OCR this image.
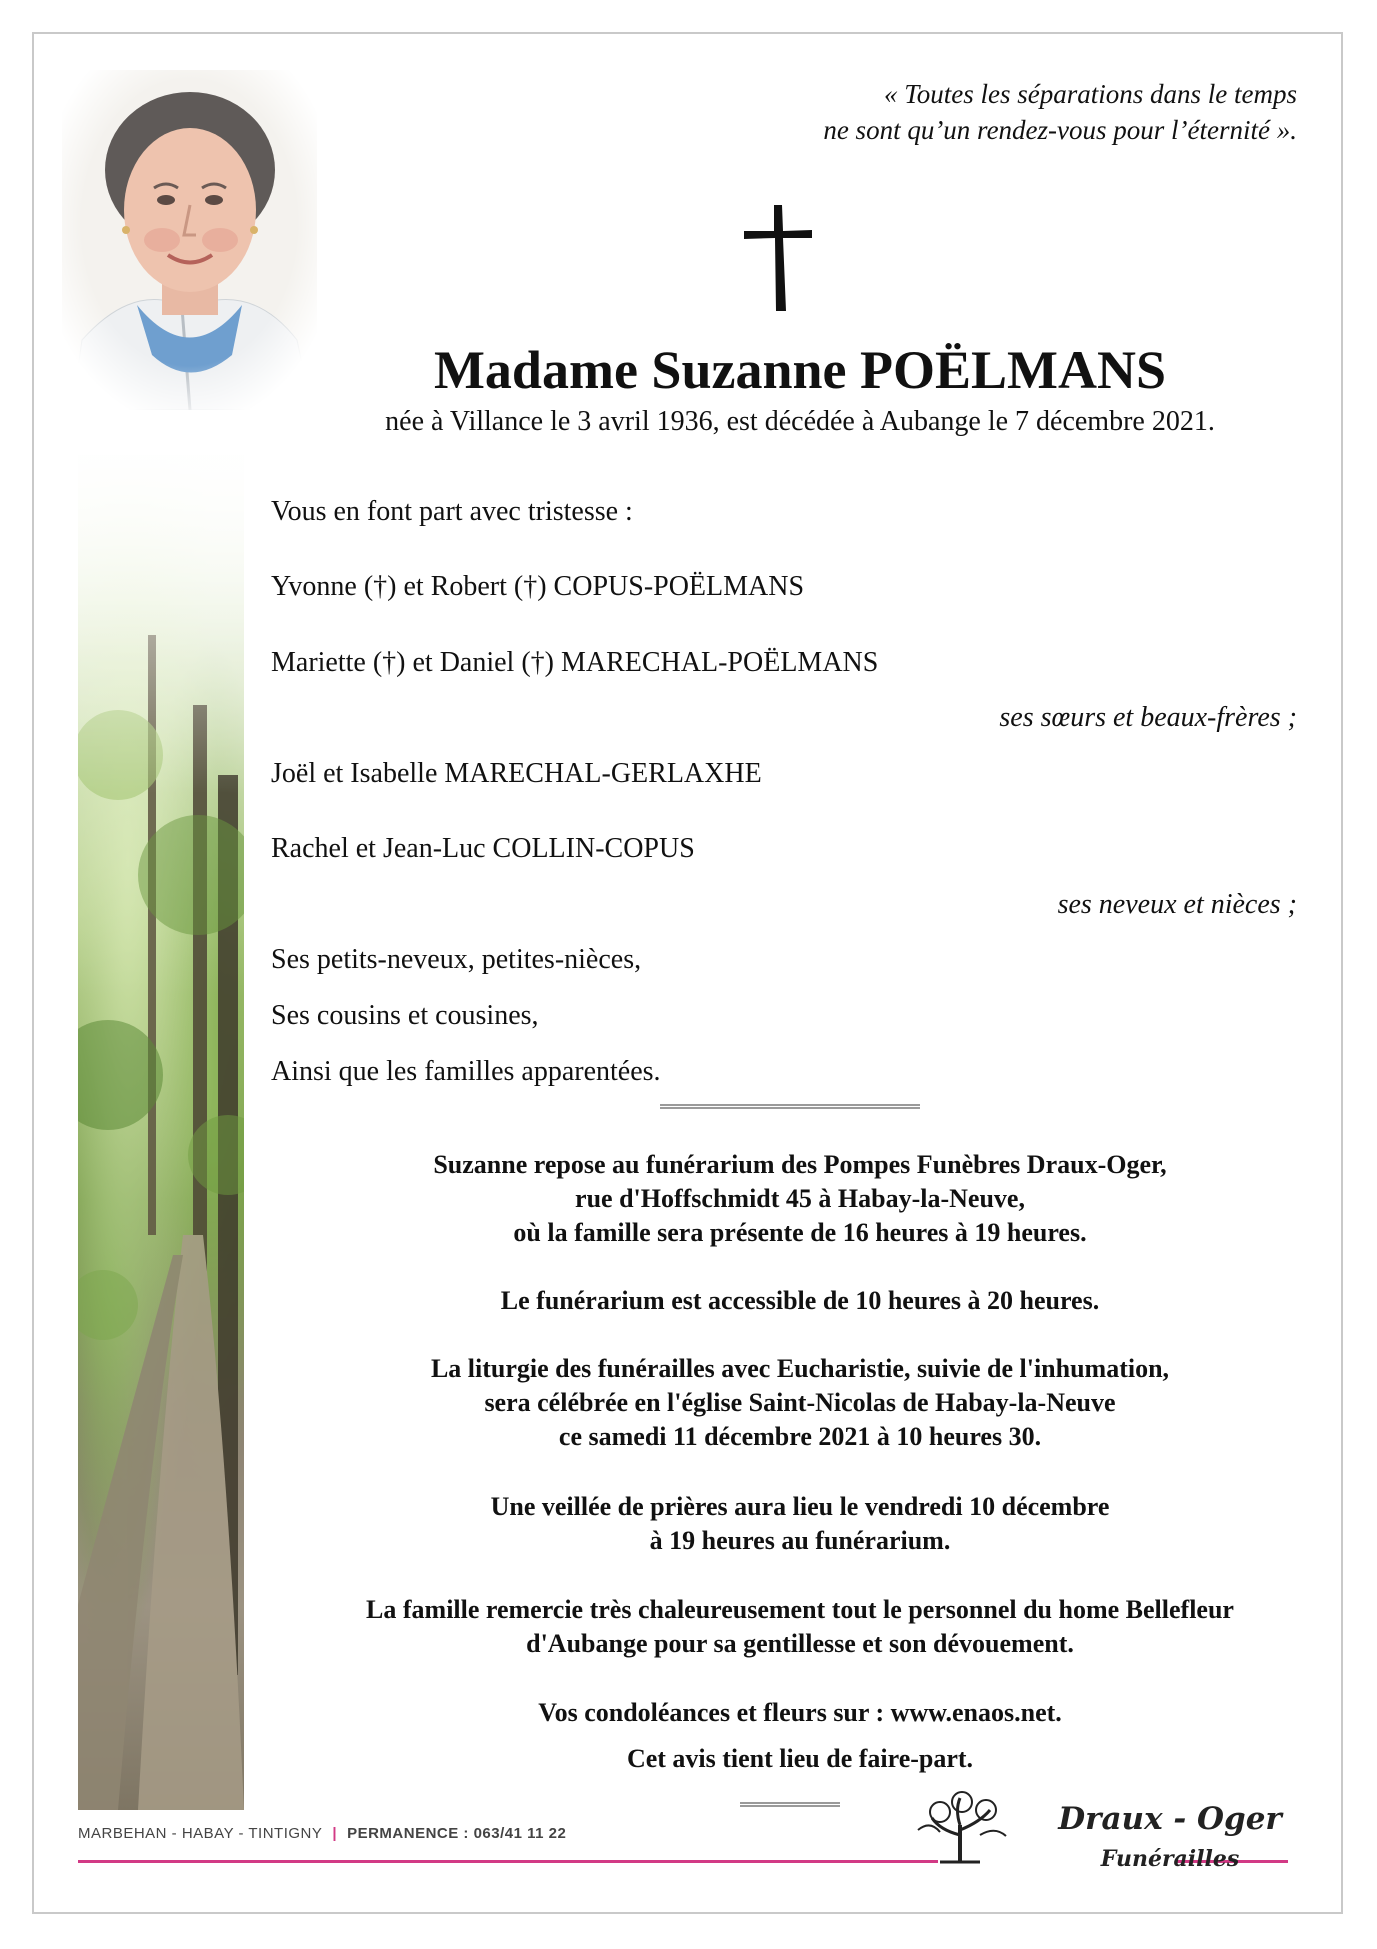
« Toutes les séparations dans le temps
ne sont qu’un rendez-vous pour l’éternité ».
Madame Suzanne POËLMANS
née à Villance le 3 avril 1936, est décédée à Aubange le 7 décembre 2021.
Vous en font part avec tristesse :
Yvonne (†) et Robert (†) COPUS-POËLMANS
Mariette (†) et Daniel (†) MARECHAL-POËLMANS
ses sœurs et beaux-frères ;
Joël et Isabelle MARECHAL-GERLAXHE
Rachel et Jean-Luc COLLIN-COPUS
ses neveux et nièces ;
Ses petits-neveux, petites-nièces,
Ses cousins et cousines,
Ainsi que les familles apparentées.
Suzanne repose au funérarium des Pompes Funèbres Draux-Oger,
rue d'Hoffschmidt 45 à Habay-la-Neuve,
où la famille sera présente de 16 heures à 19 heures.
Le funérarium est accessible de 10 heures à 20 heures.
La liturgie des funérailles avec Eucharistie, suivie de l'inhumation,
sera célébrée en l'église Saint-Nicolas de Habay-la-Neuve
ce samedi 11 décembre 2021 à 10 heures 30.
Une veillée de prières aura lieu le vendredi 10 décembre
à 19 heures au funérarium.
La famille remercie très chaleureusement tout le personnel du home Bellefleur
d'Aubange pour sa gentillesse et son dévouement.
Vos condoléances et fleurs sur : www.enaos.net.
Cet avis tient lieu de faire-part.
MARBEHAN - HABAY - TINTIGNY | PERMANENCE : 063/41 11 22	Draux - Oger
Funérailles
